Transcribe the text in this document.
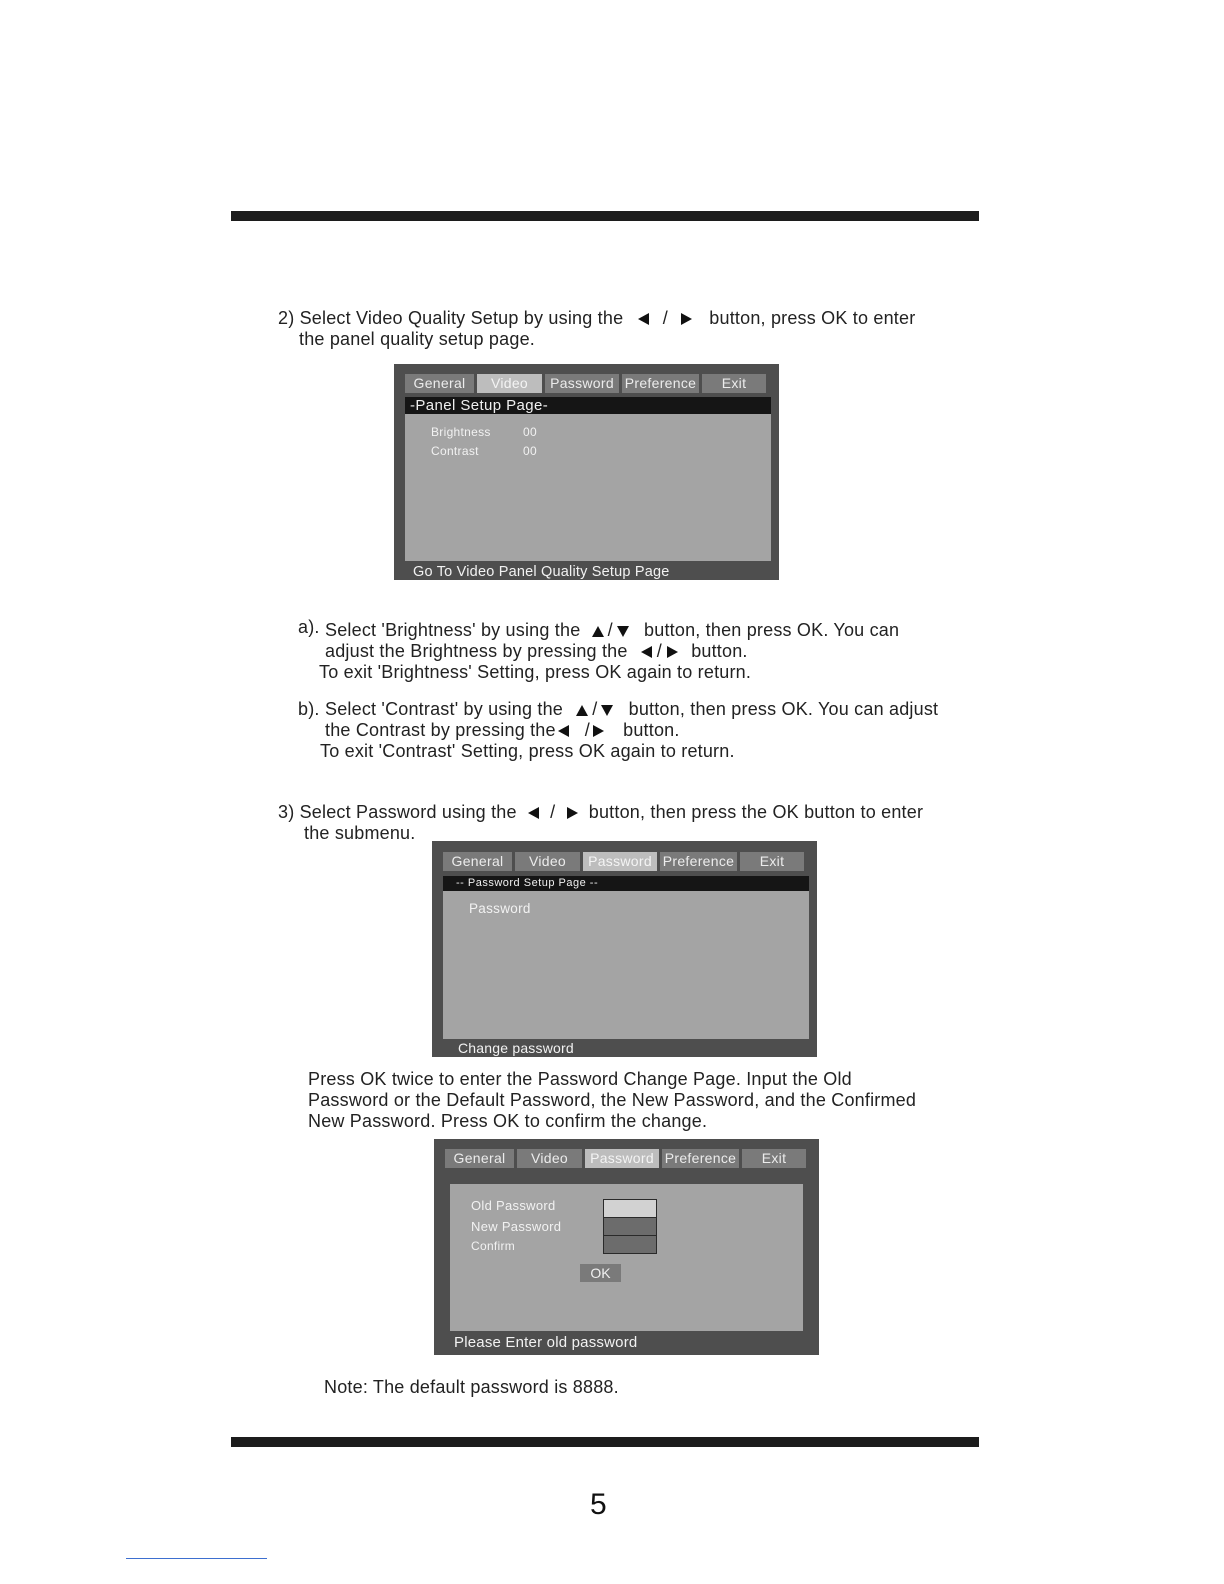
2) Select Video Quality Setup by using the / button, press OK to enter
the panel quality setup page.
General	Video	Password Preference	Exit
-Panel Setup Page-
Brightness	00
Contrast	00
Go To Video Panel Quality Setup Page
a). Select 'Brightness' by using the / button, then press OK. You can
adjust the Brightness by pressing the / button.
To exit 'Brightness' Setting, press OK again to return.
b). Select 'Contrast' by using the / button, then press OK. You can adjust
the Contrast by pressing the / button.
To exit 'Contrast' Setting, press OK again to return.
3) Select Password using the / button, then press the OK button to enter
the submenu.
General	Video	Password Preference	Exit
-- Password Setup Page --
Password
Change password
Press OK twice to enter the Password Change Page. Input the Old
Password or the Default Password, the New Password, and the Confirmed
New Password. Press OK to confirm the change.
General	Video	Password Preference	Exit
Old Password
New Password
Confirm
OK
Please Enter old password
Note: The default password is 8888.
5
